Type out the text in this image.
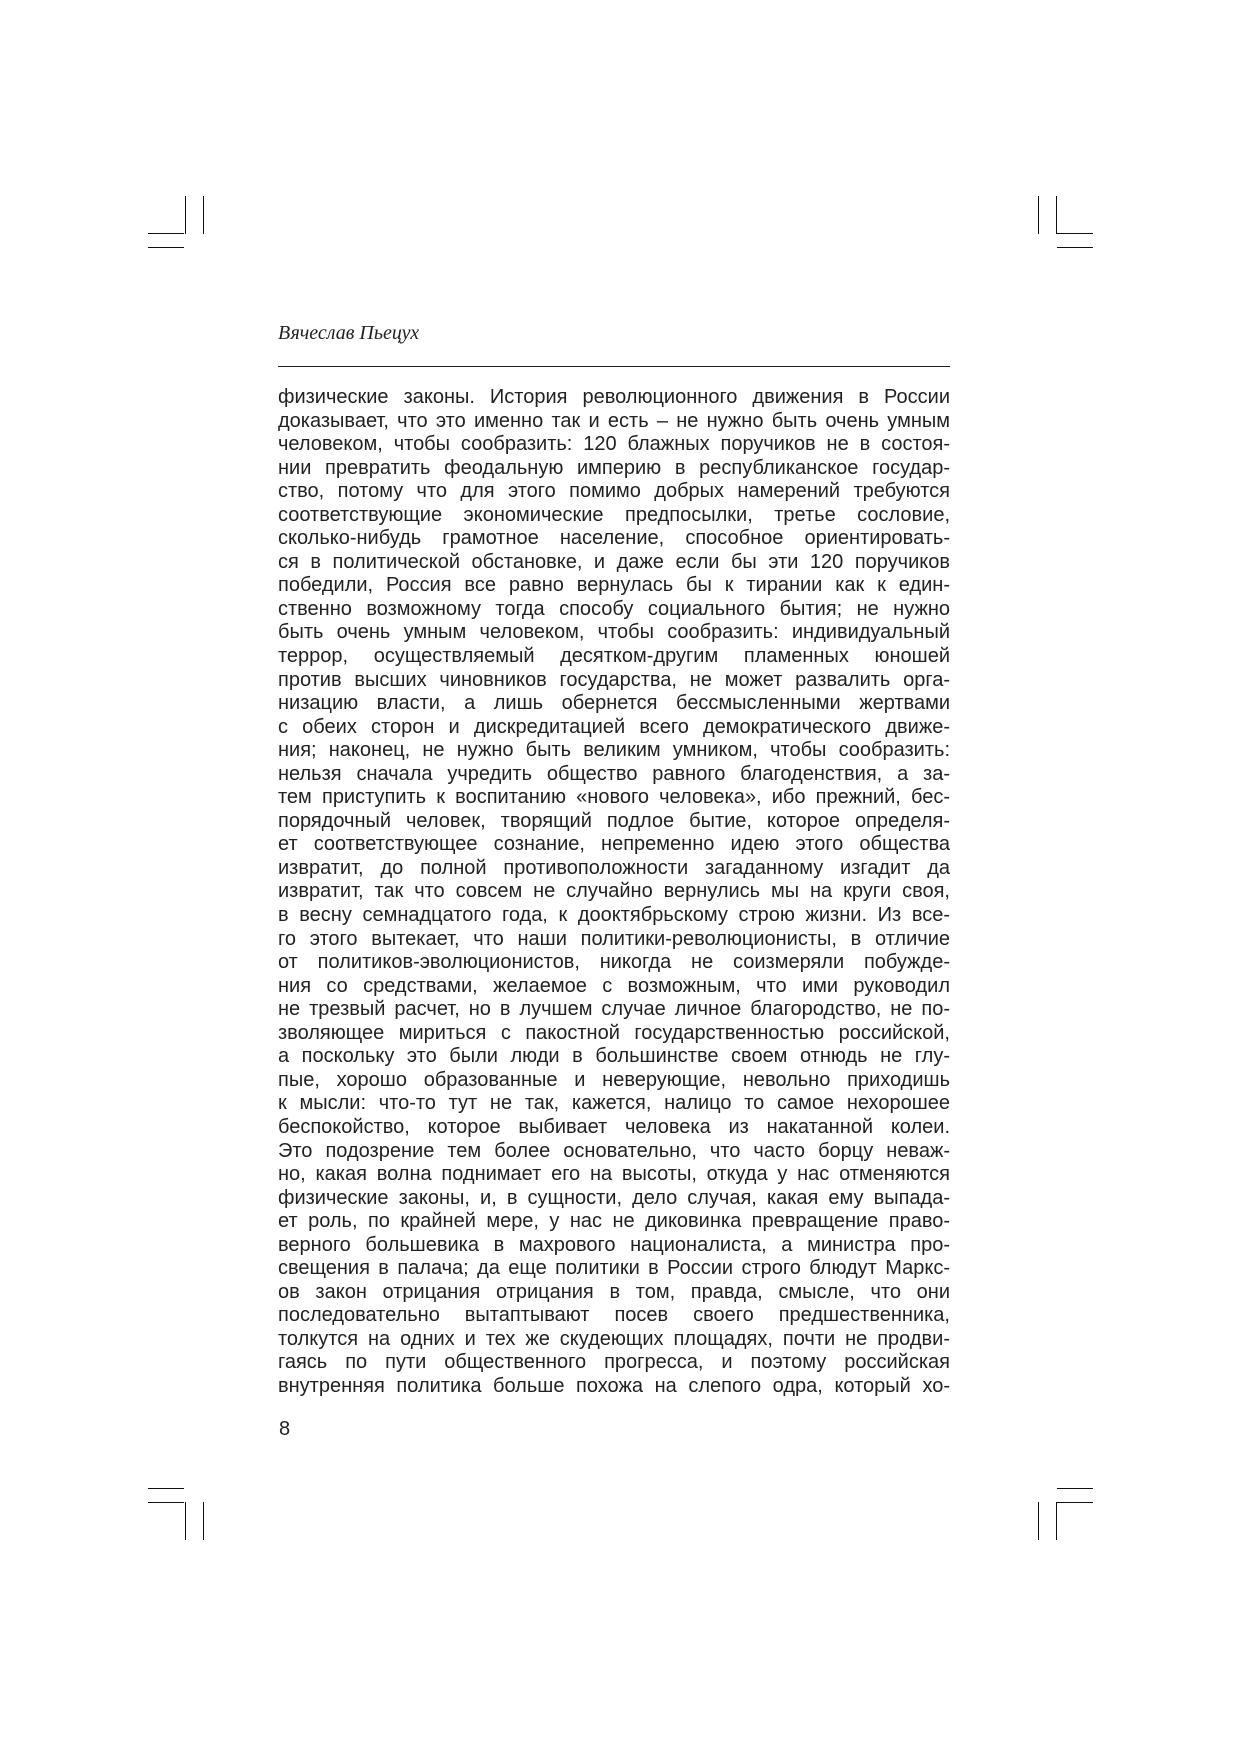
Вячеслав Пьецух
физические законы. История революционного движения в России
доказывает, что это именно так и есть – не нужно быть очень умным
человеком, чтобы сообразить: 120 блажных поручиков не в состоя-
нии превратить феодальную империю в республиканское государ-
ство, потому что для этого помимо добрых намерений требуются
соответствующие экономические предпосылки, третье сословие,
сколько-нибудь грамотное население, способное ориентировать-
ся в политической обстановке, и даже если бы эти 120 поручиков
победили, Россия все равно вернулась бы к тирании как к един-
ственно возможному тогда способу социального бытия; не нужно
быть очень умным человеком, чтобы сообразить: индивидуальный
террор, осуществляемый десятком-другим пламенных юношей
против высших чиновников государства, не может развалить орга-
низацию власти, а лишь обернется бессмысленными жертвами
с обеих сторон и дискредитацией всего демократического движе-
ния; наконец, не нужно быть великим умником, чтобы сообразить:
нельзя сначала учредить общество равного благоденствия, а за-
тем приступить к воспитанию «нового человека», ибо прежний, бес-
порядочный человек, творящий подлое бытие, которое определя-
ет соответствующее сознание, непременно идею этого общества
извратит, до полной противоположности загаданному изгадит да
извратит, так что совсем не случайно вернулись мы на круги своя,
в весну семнадцатого года, к дооктябрьскому строю жизни. Из все-
го этого вытекает, что наши политики-революционисты, в отличие
от политиков-эволюционистов, никогда не соизмеряли побужде-
ния со средствами, желаемое с возможным, что ими руководил
не трезвый расчет, но в лучшем случае личное благородство, не по-
зволяющее мириться с пакостной государственностью российской,
а поскольку это были люди в большинстве своем отнюдь не глу-
пые, хорошо образованные и неверующие, невольно приходишь
к мысли: что-то тут не так, кажется, налицо то самое нехорошее
беспокойство, которое выбивает человека из накатанной колеи.
Это подозрение тем более основательно, что часто борцу неваж-
но, какая волна поднимает его на высоты, откуда у нас отменяются
физические законы, и, в сущности, дело случая, какая ему выпада-
ет роль, по крайней мере, у нас не диковинка превращение право-
верного большевика в махрового националиста, а министра про-
свещения в палача; да еще политики в России строго блюдут Маркс-
ов закон отрицания отрицания в том, правда, смысле, что они
последовательно вытаптывают посев своего предшественника,
толкутся на одних и тех же скудеющих площадях, почти не продви-
гаясь по пути общественного прогресса, и поэтому российская
внутренняя политика больше похожа на слепого одра, который хо-
8
